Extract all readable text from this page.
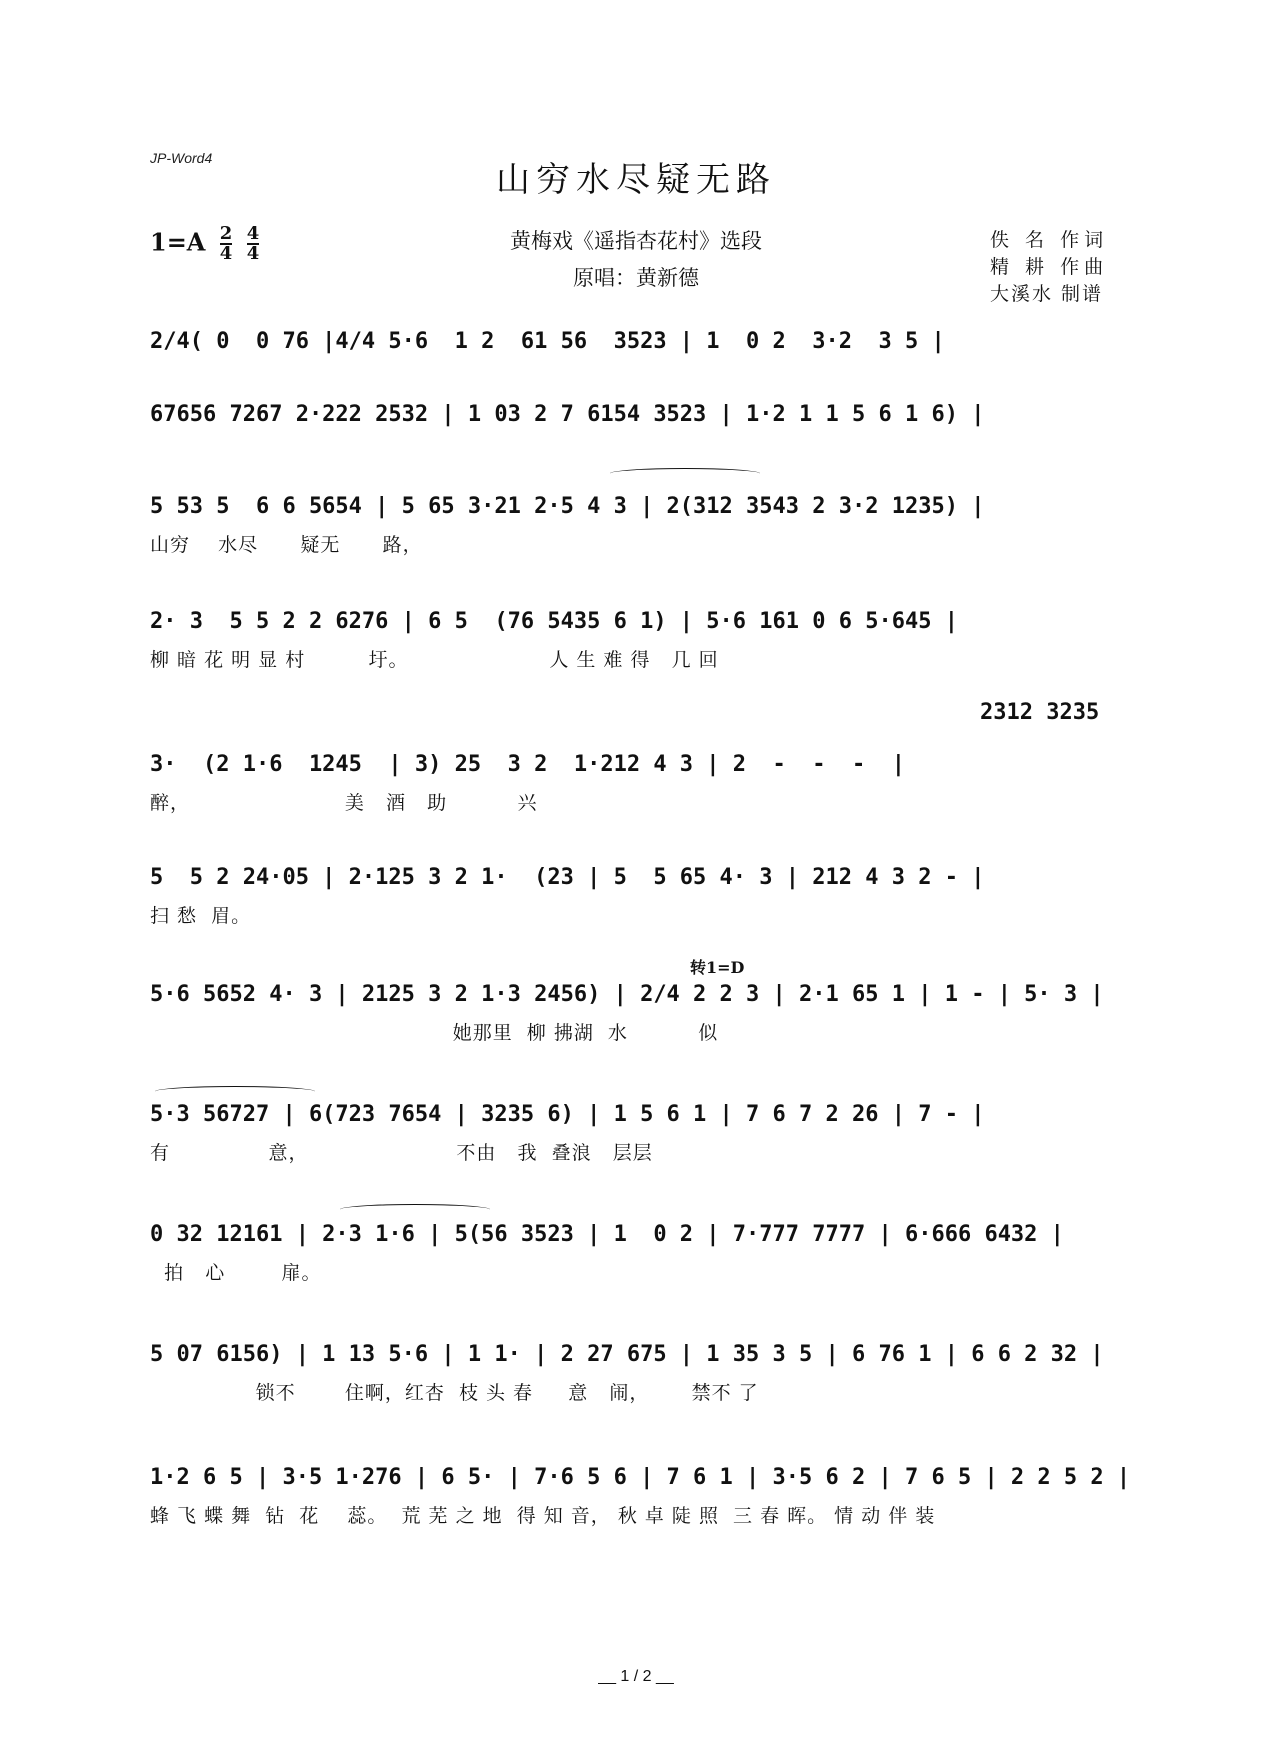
JP-Word4
山穷水尽疑无路
$1=A \frac{2}{4}$
$\frac{4}{4}$	黄梅戏《遥指杏花村》选段
原唱：黄新德
佚 名 作词
精 耕 作曲
大溪水 制谱
2/4( 0  0 76 |4/4 5·6  1 2  61 56  3523 | 1  0 2  3·2  3 5 |
67656 7267 2·222 2532 | 1 03 2 7 6154 3523 | 1·2 1 1 5 6 1 6) |
5 53 5  6 6 5654 | 5 65 3·21 2·5 4 3 | 2(312 3543 2 3·2 1235) |
山穷    水尽      疑无      路，
2· 3  5 5 2 2 6276 | 6 5  (76 5435 6 1) | 5·6 161 0 6 5·645 |
柳 暗 花 明 显 村         圩。                    人 生 难 得   几 回
2312 3235
3·  (2 1·6  1245  | 3) 25  3 2  1·212 4 3 | 2  -  -  -  |
醉，                      美   酒   助          兴
5  5 2 24·05 | 2·125 3 2 1·  (23 | 5  5 65 4· 3 | 212 4 3 2 - |
扫 愁  眉。
转1=D
5·6 5652 4· 3 | 2125 3 2 1·3 2456) | 2/4 2 2 3 | 2·1 65 1 | 1 - | 5· 3 |
她那里  柳 拂湖  水          似
5·3 56727 | 6(723 7654 | 3235 6) | 1 5 6 1 | 7 6 7 2 26 | 7 - |
有              意，                     不由   我  叠浪   层层
0 32 12161 | 2·3 1·6 | 5(56 3523 | 1  0 2 | 7·777 7777 | 6·666 6432 |
拍   心        扉。
5 07 6156) | 1 13 5·6 | 1 1· | 2 27 675 | 1 35 3 5 | 6 76 1 | 6 6 2 32 |
锁不       住啊，红杏  枝 头 春     意   闹，      禁不 了
1·2 6 5 | 3·5 1·276 | 6 5· | 7·6 5 6 | 7 6 1 | 3·5 6 2 | 7 6 5 | 2 2 5 2 |
蜂 飞 蝶 舞  钻  花    蕊。  荒 芜 之 地  得 知 音， 秋 卓 陡 照  三 春 晖。 情 动 伴 装
__ 1 / 2 __
